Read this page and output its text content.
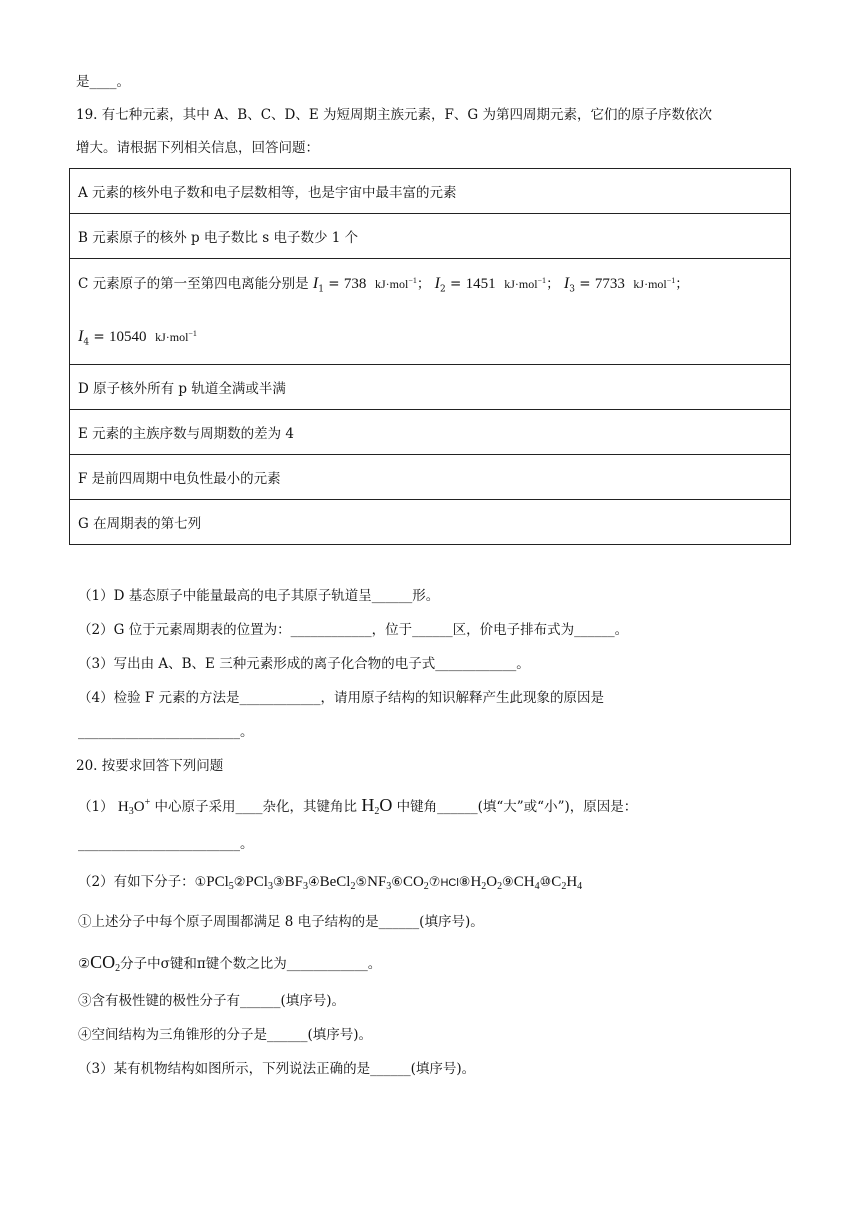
是____。
19. 有七种元素，其中 A、B、C、D、E 为短周期主族元素，F、G 为第四周期元素，它们的原子序数依次
增大。请根据下列相关信息，回答问题：
A 元素的核外电子数和电子层数相等，也是宇宙中最丰富的元素
B 元素原子的核外 p 电子数比 s 电子数少 1 个
C 元素原子的第一至第四电离能分别是 $I_1 = 738$ kJ·mol$^{-1}$； $I_2 = 1451$ kJ·mol$^{-1}$； $I_3 = 7733$ kJ·mol$^{-1}$；
$I_4 = 10540$ kJ·mol$^{-1}$
D 原子核外所有 p 轨道全满或半满
E 元素的主族序数与周期数的差为 4
F 是前四周期中电负性最小的元素
G 在周期表的第七列
（1）D 基态原子中能量最高的电子其原子轨道呈______形。
（2）G 位于元素周期表的位置为：____________，位于______区，价电子排布式为______。
（3）写出由 A、B、E 三种元素形成的离子化合物的电子式____________。
（4）检验 F 元素的方法是____________，请用原子结构的知识解释产生此现象的原因是
________________________。
20. 按要求回答下列问题
（1） $H_3O^+$ 中心原子采用____杂化，其键角比 $H_2O$ 中键角______(填“大”或“小”)，原因是：
________________________。
（2）有如下分子：$①PCl_5②PCl_3③BF_3④BeCl_2⑤NF_3⑥CO_2⑦HCl⑧H_2O_2⑨CH_4⑩C_2H_4$
①上述分子中每个原子周围都满足 8 电子结构的是______(填序号)。
$②CO_2$分子中σ键和π键个数之比为____________。
③含有极性键的极性分子有______(填序号)。
④空间结构为三角锥形的分子是______(填序号)。
（3）某有机物结构如图所示，下列说法正确的是______(填序号)。
